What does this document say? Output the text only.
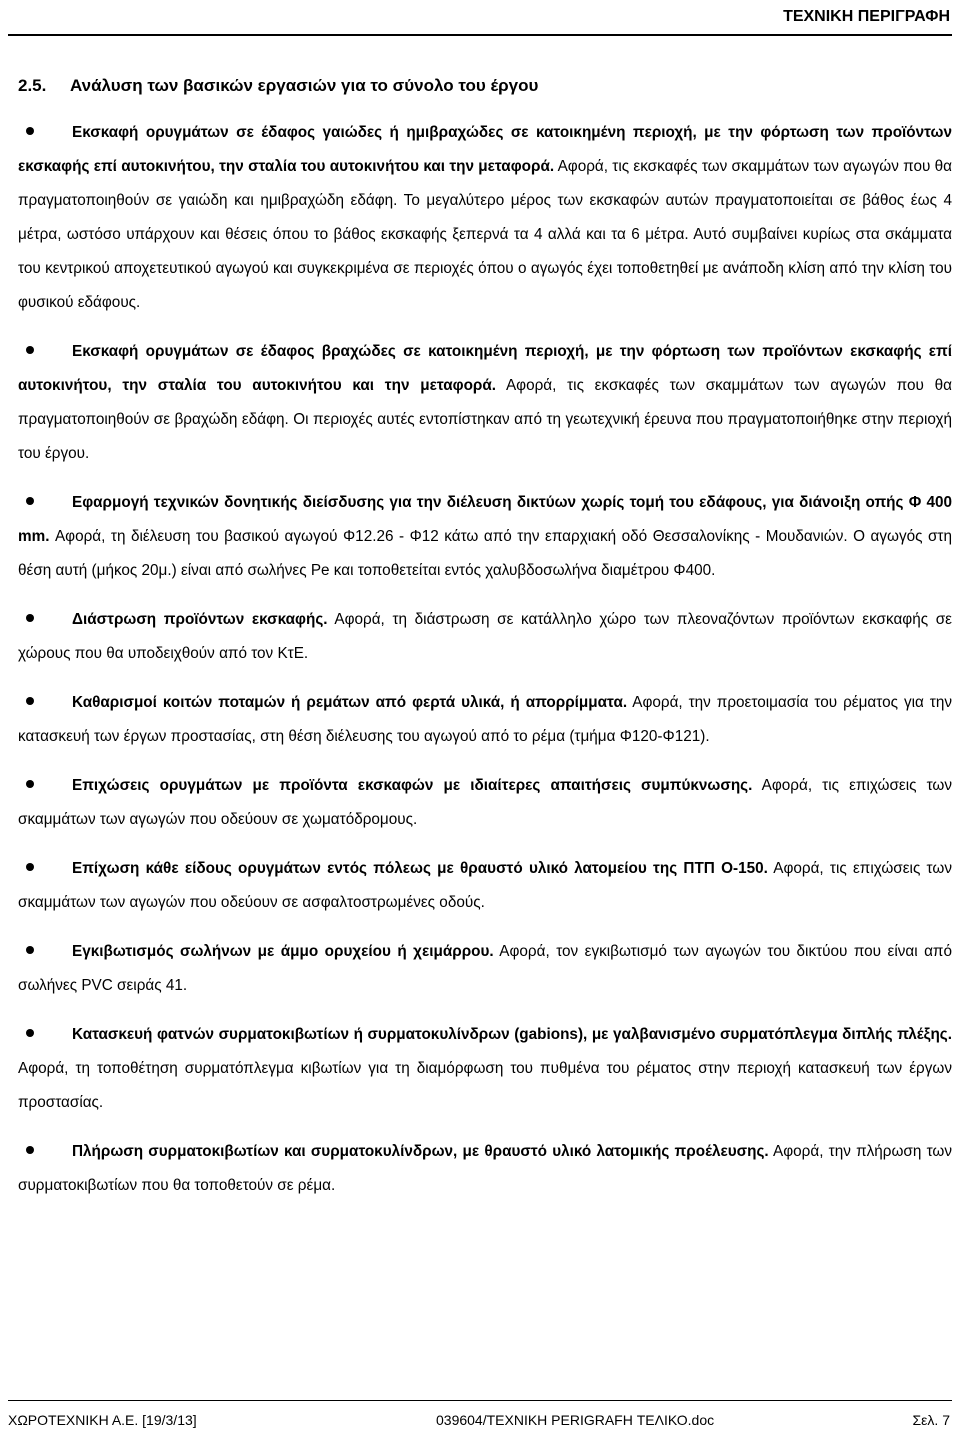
ΤΕΧΝΙΚΗ ΠΕΡΙΓΡΑΦΗ
2.5. Ανάλυση των βασικών εργασιών για το σύνολο του έργου

Εκσκαφή ορυγμάτων σε έδαφος γαιώδες ή ημιβραχώδες σε κατοικημένη περιοχή, με την φόρτωση των προϊόντων εκσκαφής επί αυτοκινήτου, την σταλία του αυτοκινήτου και την μεταφορά. Αφορά, τις εκσκαφές των σκαμμάτων των αγωγών που θα πραγματοποιηθούν σε γαιώδη και ημιβραχώδη εδάφη. Το μεγαλύτερο μέρος των εκσκαφών αυτών πραγματοποιείται σε βάθος έως 4 μέτρα, ωστόσο υπάρχουν και θέσεις όπου το βάθος εκσκαφής ξεπερνά τα 4 αλλά και τα 6 μέτρα. Αυτό συμβαίνει κυρίως στα σκάμματα του κεντρικού αποχετευτικού αγωγού και συγκεκριμένα σε περιοχές όπου ο αγωγός έχει τοποθετηθεί με ανάποδη κλίση από την κλίση του φυσικού εδάφους.

Εκσκαφή ορυγμάτων σε έδαφος βραχώδες σε κατοικημένη περιοχή, με την φόρτωση των προϊόντων εκσκαφής επί αυτοκινήτου, την σταλία του αυτοκινήτου και την μεταφορά. Αφορά, τις εκσκαφές των σκαμμάτων των αγωγών που θα πραγματοποιηθούν σε βραχώδη εδάφη. Οι περιοχές αυτές εντοπίστηκαν από τη γεωτεχνική έρευνα που πραγματοποιήθηκε στην περιοχή του έργου.

Εφαρμογή τεχνικών δονητικής διείσδυσης για την διέλευση δικτύων χωρίς τομή του εδάφους, για διάνοιξη οπής Φ 400 mm. Αφορά, τη διέλευση του βασικού αγωγού Φ12.26 - Φ12 κάτω από την επαρχιακή οδό Θεσσαλονίκης - Μουδανιών. Ο αγωγός στη θέση αυτή (μήκος 20μ.) είναι από σωλήνες Pe και τοποθετείται εντός χαλυβδοσωλήνα διαμέτρου Φ400.

Διάστρωση προϊόντων εκσκαφής. Αφορά, τη διάστρωση σε κατάλληλο χώρο των πλεοναζόντων προϊόντων εκσκαφής σε χώρους που θα υποδειχθούν από τον ΚτΕ.

Καθαρισμοί κοιτών ποταμών ή ρεμάτων από φερτά υλικά, ή απορρίμματα. Αφορά, την προετοιμασία του ρέματος για την κατασκευή των έργων προστασίας, στη θέση διέλευσης του αγωγού από το ρέμα (τμήμα Φ120-Φ121).

Επιχώσεις ορυγμάτων με προϊόντα εκσκαφών με ιδιαίτερες απαιτήσεις συμπύκνωσης. Αφορά, τις επιχώσεις των σκαμμάτων των αγωγών που οδεύουν σε χωματόδρομους.

Επίχωση κάθε είδους ορυγμάτων εντός πόλεως με θραυστό υλικό λατομείου της ΠΤΠ Ο-150. Αφορά, τις επιχώσεις των σκαμμάτων των αγωγών που οδεύουν σε ασφαλτοστρωμένες οδούς.

Εγκιβωτισμός σωλήνων με άμμο ορυχείου ή χειμάρρου. Αφορά, τον εγκιβωτισμό των αγωγών του δικτύου που είναι από σωλήνες PVC σειράς 41.

Κατασκευή φατνών συρματοκιβωτίων ή συρματοκυλίνδρων (gabions), με γαλβανισμένο συρματόπλεγμα διπλής πλέξης. Αφορά, τη τοποθέτηση συρματόπλεγμα κιβωτίων για τη διαμόρφωση του πυθμένα του ρέματος στην περιοχή κατασκευή των έργων προστασίας.

Πλήρωση συρματοκιβωτίων και συρματοκυλίνδρων, με θραυστό υλικό λατομικής προέλευσης. Αφορά, την πλήρωση των συρματοκιβωτίων που θα τοποθετούν σε ρέμα.

ΧΩΡΟΤΕΧΝΙΚΗ Α.Ε. [19/3/13]	039604/ΤΕΧΝΙΚΗ PERIGRAFH ΤΕΛΙΚΟ.doc	Σελ. 7
